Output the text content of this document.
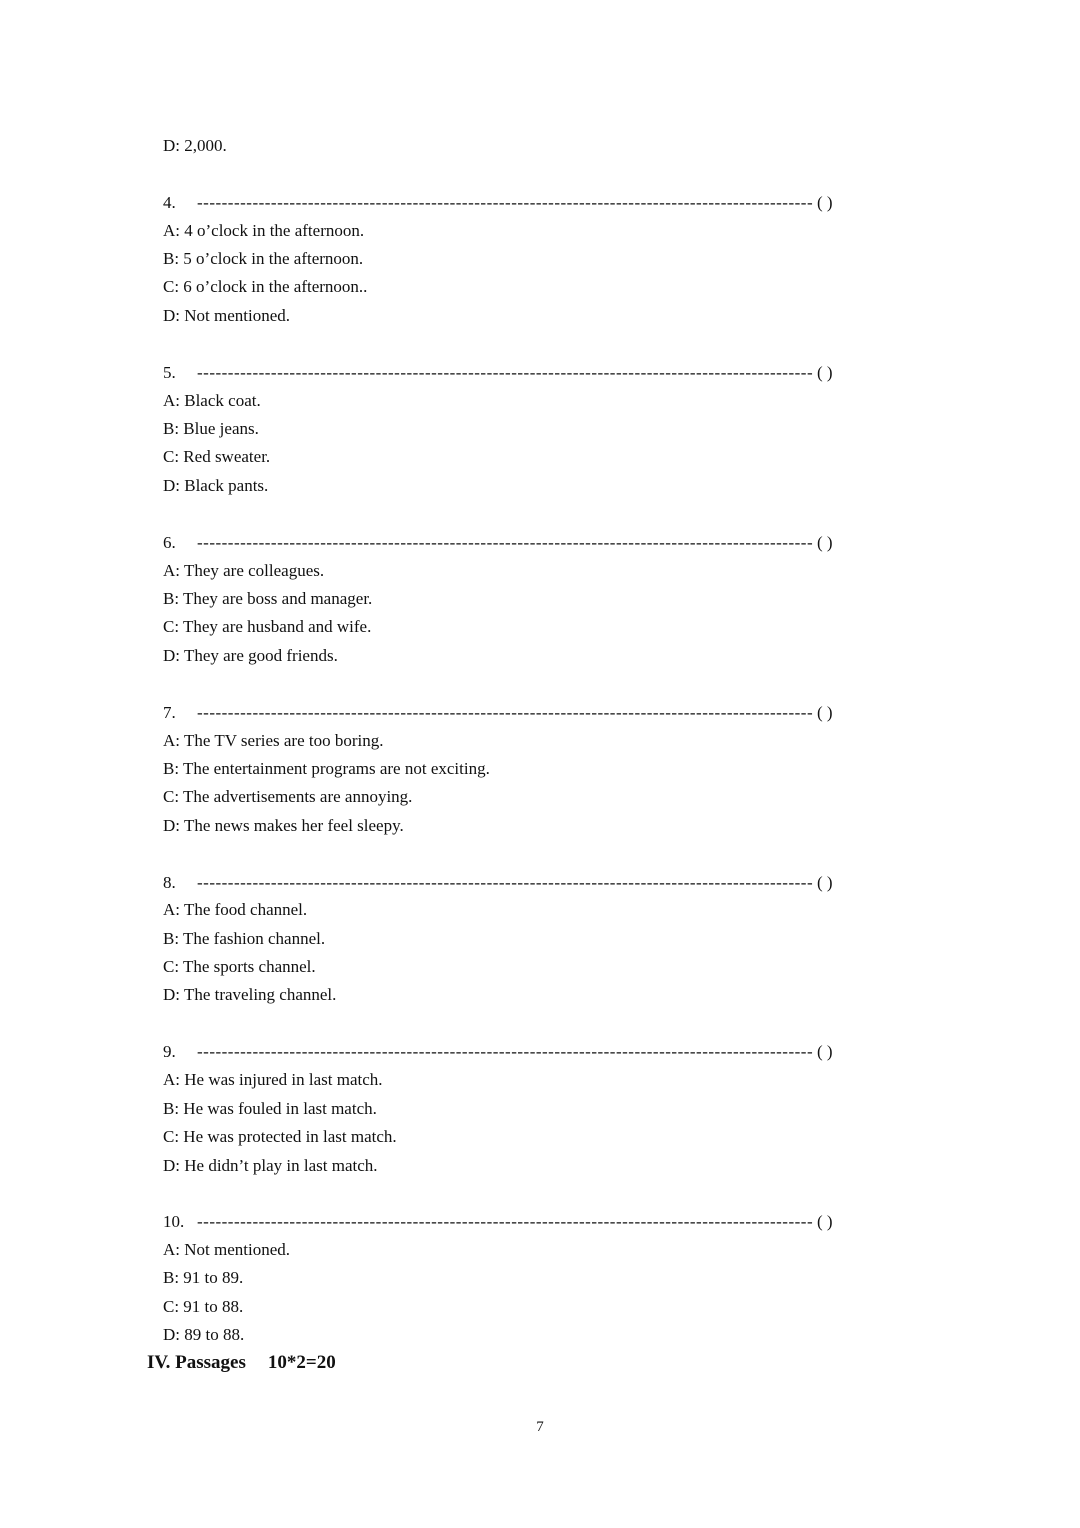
D: 2,000.
4. ---------------------------------------------------------------------------------------------------- ( )
A: 4 o’clock in the afternoon.
B: 5 o’clock in the afternoon.
C: 6 o’clock in the afternoon..
D: Not mentioned.
5. ---------------------------------------------------------------------------------------------------- ( )
A: Black coat.
B: Blue jeans.
C: Red sweater.
D: Black pants.
6. ---------------------------------------------------------------------------------------------------- ( )
A: They are colleagues.
B: They are boss and manager.
C: They are husband and wife.
D: They are good friends.
7. ---------------------------------------------------------------------------------------------------- ( )
A: The TV series are too boring.
B: The entertainment programs are not exciting.
C: The advertisements are annoying.
D: The news makes her feel sleepy.
8. ---------------------------------------------------------------------------------------------------- ( )
A: The food channel.
B: The fashion channel.
C: The sports channel.
D: The traveling channel.
9. ---------------------------------------------------------------------------------------------------- ( )
A: He was injured in last match.
B: He was fouled in last match.
C: He was protected in last match.
D: He didn’t play in last match.
10. ---------------------------------------------------------------------------------------------------- ( )
A: Not mentioned.
B: 91 to 89.
C: 91 to 88.
D: 89 to 88.
IV. Passages 10*2=20
7
